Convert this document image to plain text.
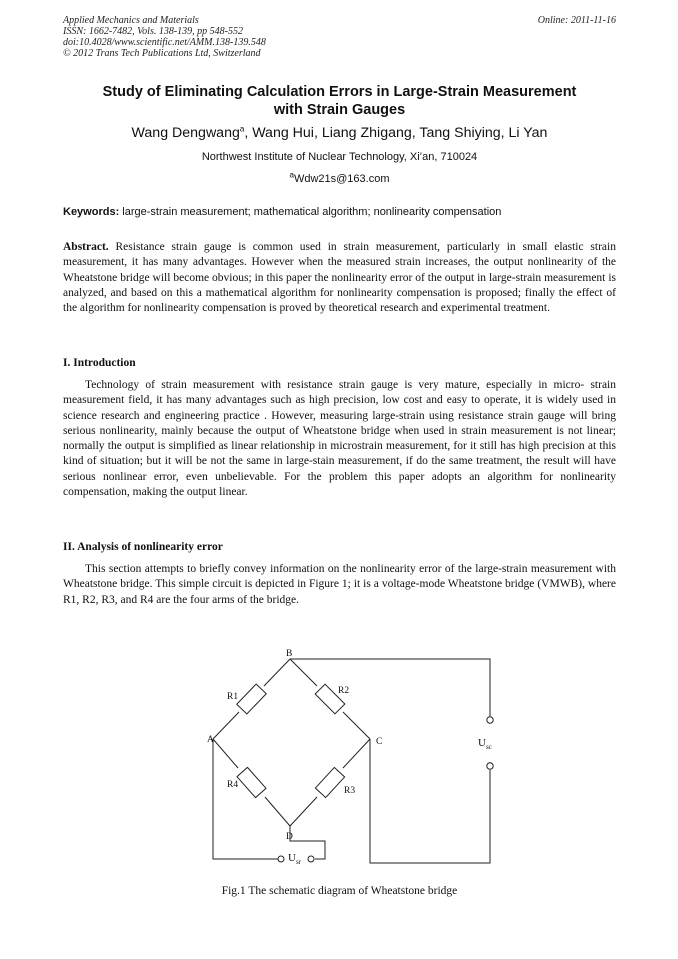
Applied Mechanics and Materials
ISSN: 1662-7482, Vols. 138-139, pp 548-552
doi:10.4028/www.scientific.net/AMM.138-139.548
© 2012 Trans Tech Publications Ltd, Switzerland
Online: 2011-11-16
Study of Eliminating Calculation Errors in Large-Strain Measurement
with Strain Gauges
Wang Dengwang$^a$, Wang Hui, Liang Zhigang, Tang Shiying, Li Yan
Northwest Institute of Nuclear Technology, Xi’an, 710024
$^a$Wdw21s@163.com
Keywords: large-strain measurement; mathematical algorithm; nonlinearity compensation
Abstract. Resistance strain gauge is common used in strain measurement, particularly in small elastic strain measurement, it has many advantages. However when the measured strain increases, the output nonlinearity of the Wheatstone bridge will become obvious; in this paper the nonlinearity error of the output in large-strain measurement is analyzed, and based on this a mathematical algorithm for nonlinearity compensation is proposed; finally the effect of the algorithm for nonlinearity compensation is proved by theoretical research and experimental treatment.
I. Introduction
Technology of strain measurement with resistance strain gauge is very mature, especially in micro- strain measurement field, it has many advantages such as high precision, low cost and easy to operate, it is widely used in science research and engineering practice . However, measuring large-strain using resistance strain gauge will bring serious nonlinearity, mainly because the output of Wheatstone bridge when used in strain measurement is not linear; normally the output is simplified as linear relationship in microstrain measurement, for it still has high precision at this kind of situation; but it will be not the same in large-stain measurement, if do the same treatment, the result will have serious nonlinear error, even unbelievable. For the problem this paper adopts an algorithm for nonlinearity compensation, making the output linear.
II. Analysis of nonlinearity error
This section attempts to briefly convey information on the nonlinearity error of the large-strain measurement with Wheatstone bridge. This simple circuit is depicted in Figure 1; it is a voltage-mode Wheatstone bridge (VMWB), where R1, R2, R3, and R4 are the four arms of the bridge.
A
B
C
D
R1
R2
R3
R4
$U_{sc}$
$U_{sr}$
Fig.1 The schematic diagram of Wheatstone bridge
